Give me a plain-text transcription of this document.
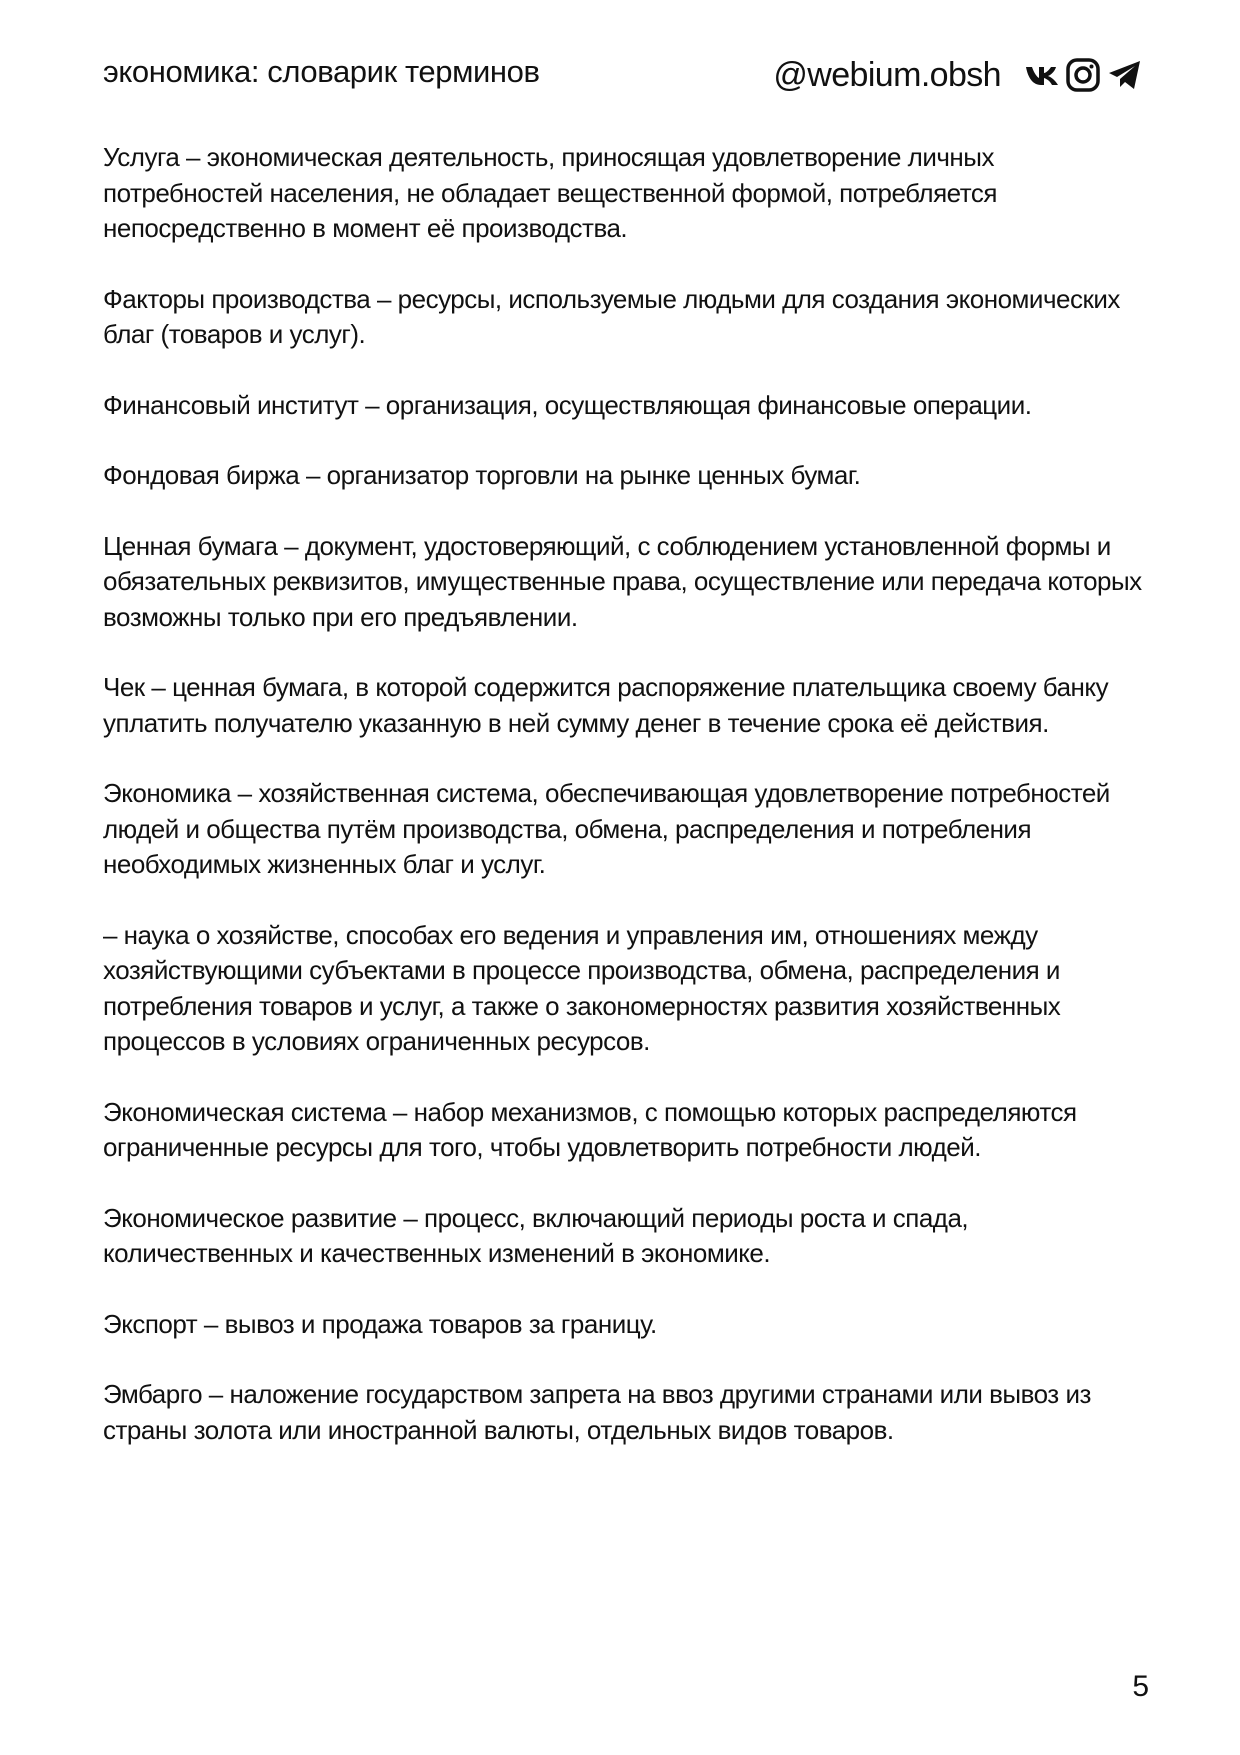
экономика: словарик терминов	@webium.obsh

Услуга – экономическая деятельность, приносящая удовлетворение личных потребностей населения, не обладает вещественной формой, потребляется непосредственно в момент её производства.

Факторы производства – ресурсы, используемые людьми для создания экономических благ (товаров и услуг).

Финансовый институт – организация, осуществляющая финансовые операции.

Фондовая биржа – организатор торговли на рынке ценных бумаг.

Ценная бумага – документ, удостоверяющий, с соблюдением установленной формы и обязательных реквизитов, имущественные права, осуществление или передача которых возможны только при его предъявлении.

Чек – ценная бумага, в которой содержится распоряжение плательщика своему банку уплатить получателю указанную в ней сумму денег в течение срока её действия.

Экономика – хозяйственная система, обеспечивающая удовлетворение потребностей людей и общества путём производства, обмена, распределения и потребления необходимых жизненных благ и услуг.

– наука о хозяйстве, способах его ведения и управления им, отношениях между хозяйствующими субъектами в процессе производства, обмена, распределения и потребления товаров и услуг, а также о закономерностях развития хозяйственных процессов в условиях ограниченных ресурсов.

Экономическая система – набор механизмов, с помощью которых распределяются ограниченные ресурсы для того, чтобы удовлетворить потребности людей.

Экономическое развитие – процесс, включающий периоды роста и спада, количественных и качественных изменений в экономике.

Экспорт – вывоз и продажа товаров за границу.

Эмбарго – наложение государством запрета на ввоз другими странами или вывоз из страны золота или иностранной валюты, отдельных видов товаров.

5
